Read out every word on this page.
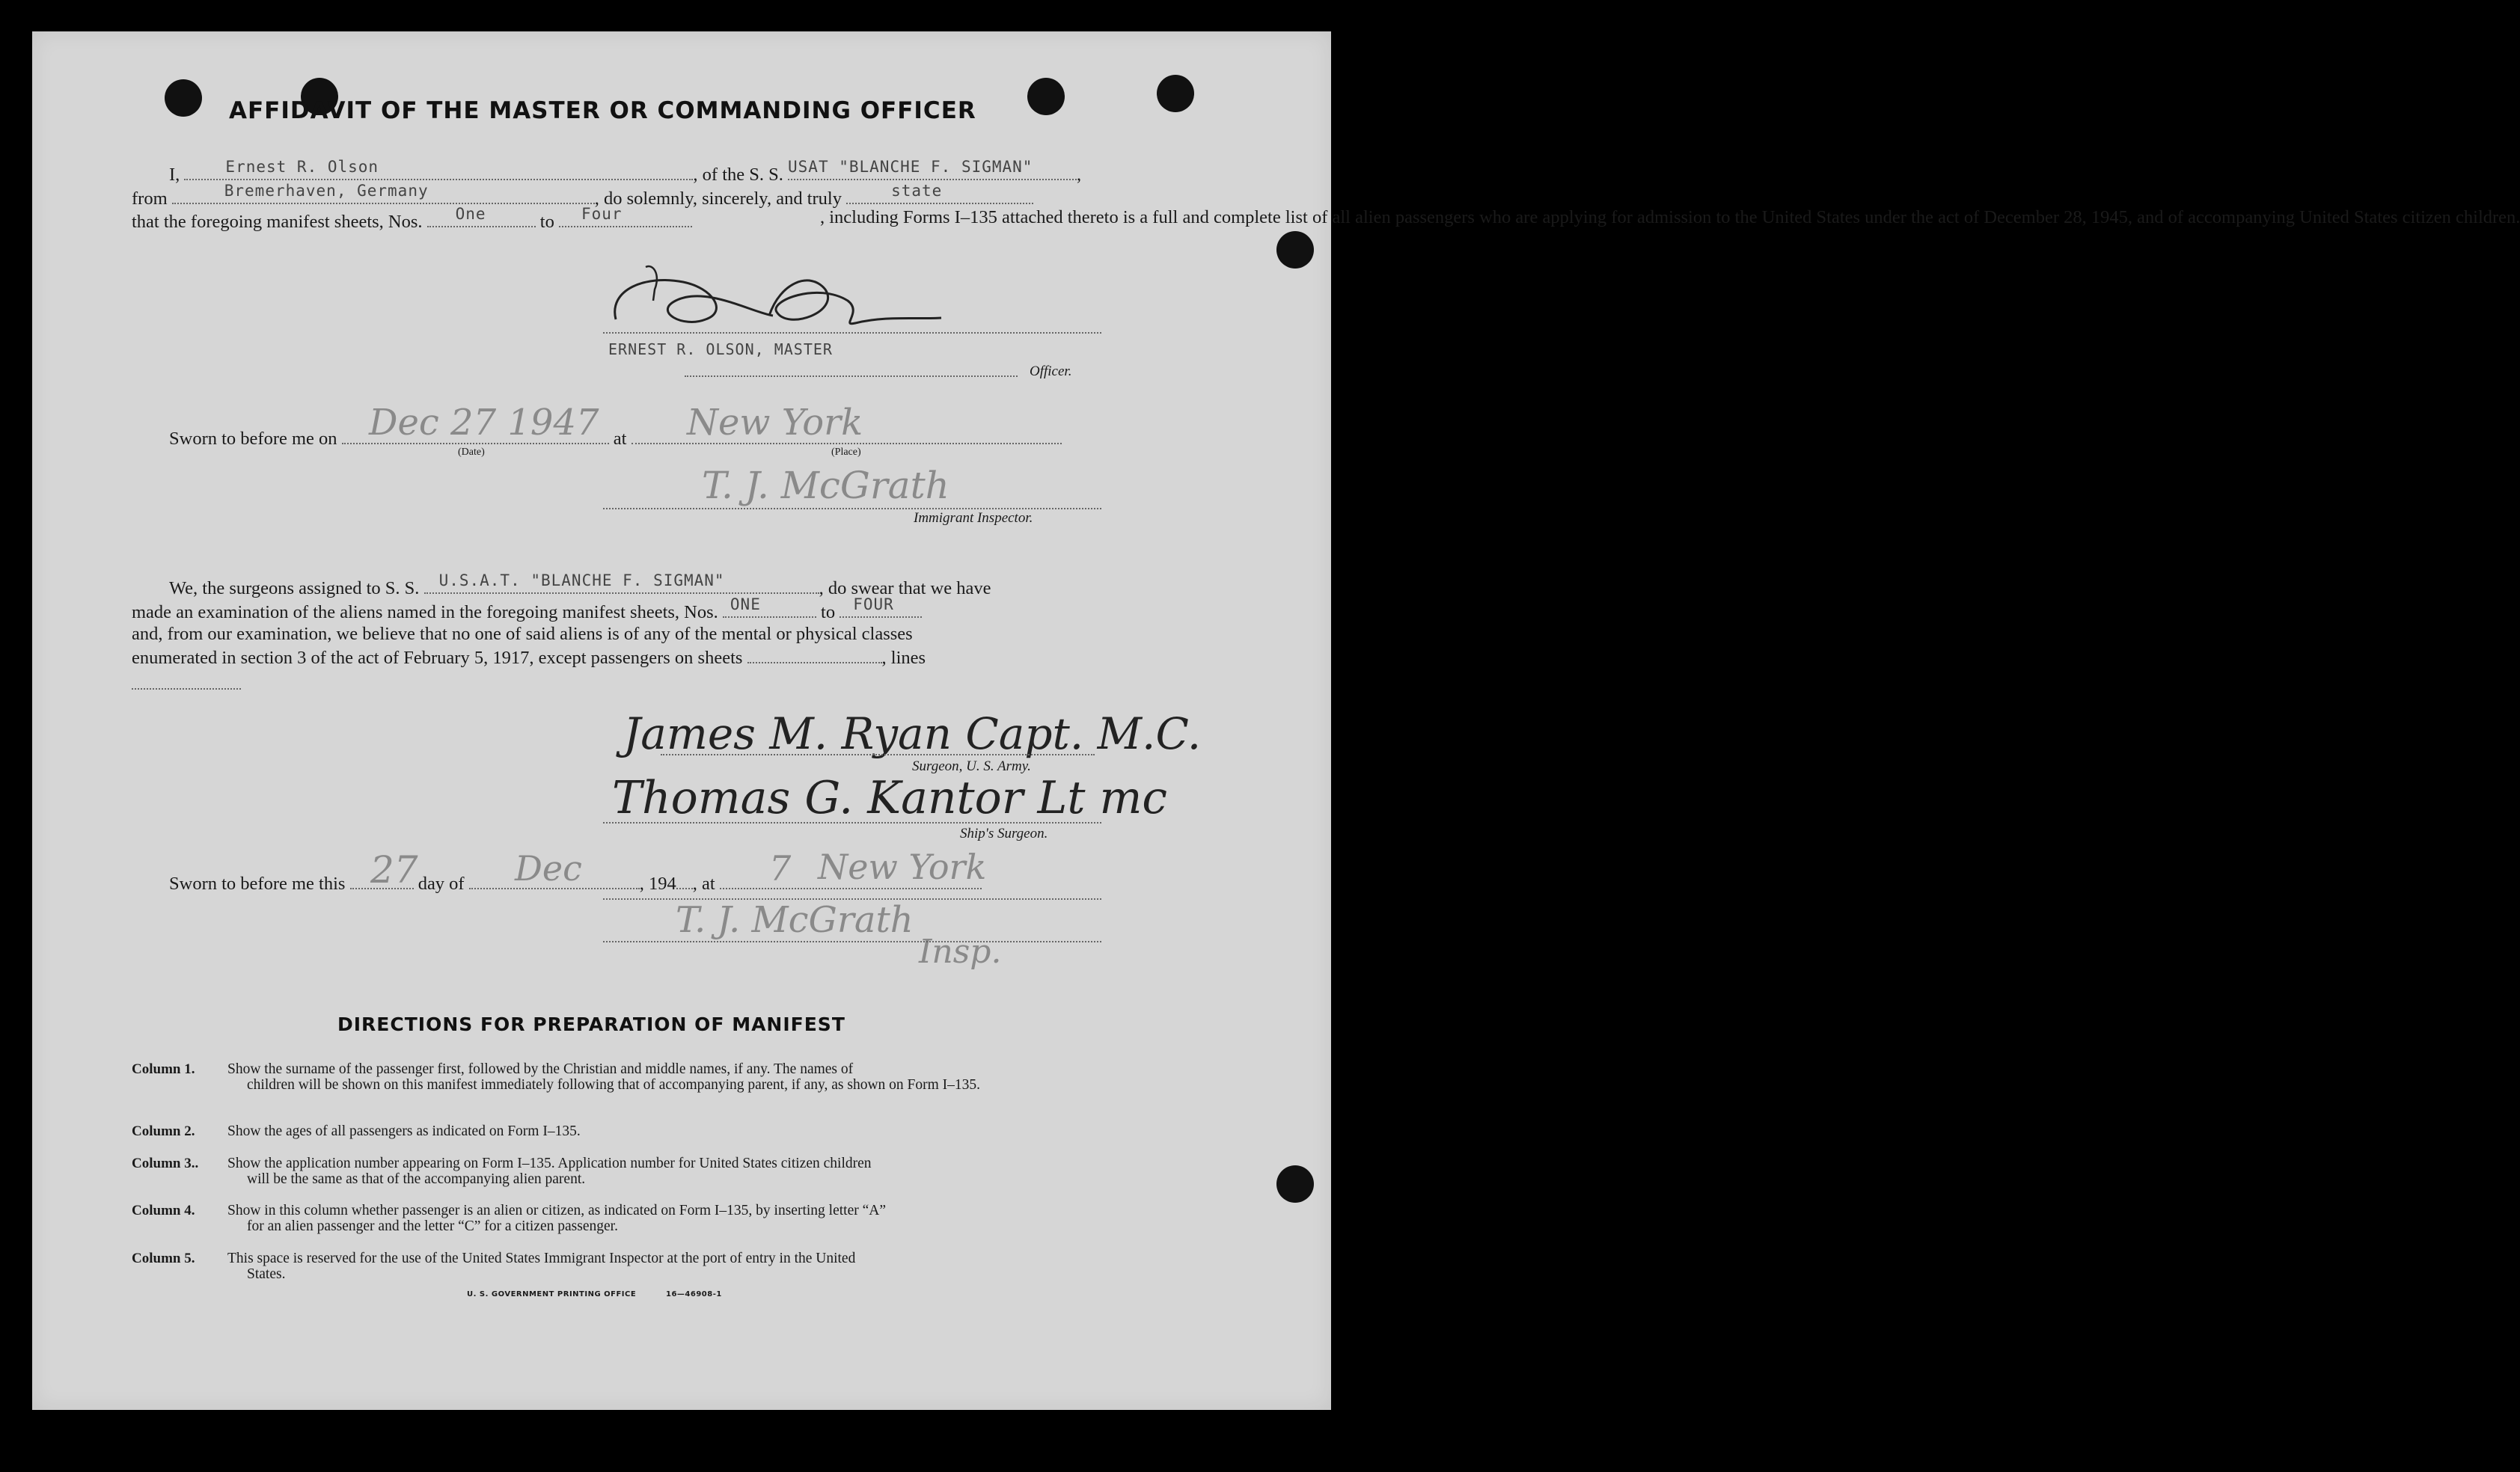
AFFIDAVIT OF THE MASTER OR COMMANDING OFFICER
I,	Ernest R. Olson	, of the S. S. USAT "BLANCHE F. SIGMAN" ,
from	Bremerhaven, Germany	, do solemnly, sincerely, and truly	state
that the foregoing manifest sheets, Nos. One	to Four	, including Forms I–135 attached thereto is a full and complete list of all alien passengers who are applying for admission to the United States under the act of December 28, 1945, and of accompanying United States citizen children.
ERNEST R. OLSON, MASTER
Officer.
Sworn to before me on	at
Dec 27 1947 New York
(Date)	(Place)
T. J. McGrath
Immigrant Inspector.
We, the surgeons assigned to S. S. U.S.A.T. "BLANCHE F. SIGMAN"	, do swear that we have
made an examination of the aliens named in the foregoing manifest sheets, Nos. ONE	to FOUR
and, from our examination, we believe that no one of said aliens is of any of the mental or physical classes
enumerated in section 3 of the act of February 5, 1917, except passengers on sheets	, lines
James M. Ryan Capt. M.C.
Surgeon, U. S. Army.
Thomas G. Kantor Lt mc
Ship's Surgeon.
Sworn to before me this	day of	, 194 , at
27	Dec	7 New York
T. J. McGrath
Insp.
DIRECTIONS FOR PREPARATION OF MANIFEST
Column 1. Show the surname of the passenger first, followed by the Christian and middle names, if any. The names of
children will be shown on this manifest immediately following that of accompanying parent, if any, as shown on Form I–135.
Column 2. Show the ages of all passengers as indicated on Form I–135.
Column 3.. Show the application number appearing on Form I–135. Application number for United States citizen children
will be the same as that of the accompanying alien parent.
Column 4. Show in this column whether passenger is an alien or citizen, as indicated on Form I–135, by inserting letter “A”
for an alien passenger and the letter “C” for a citizen passenger.
Column 5. This space is reserved for the use of the United States Immigrant Inspector at the port of entry in the United
States.
U. S. GOVERNMENT PRINTING OFFICE	16—46908-1
